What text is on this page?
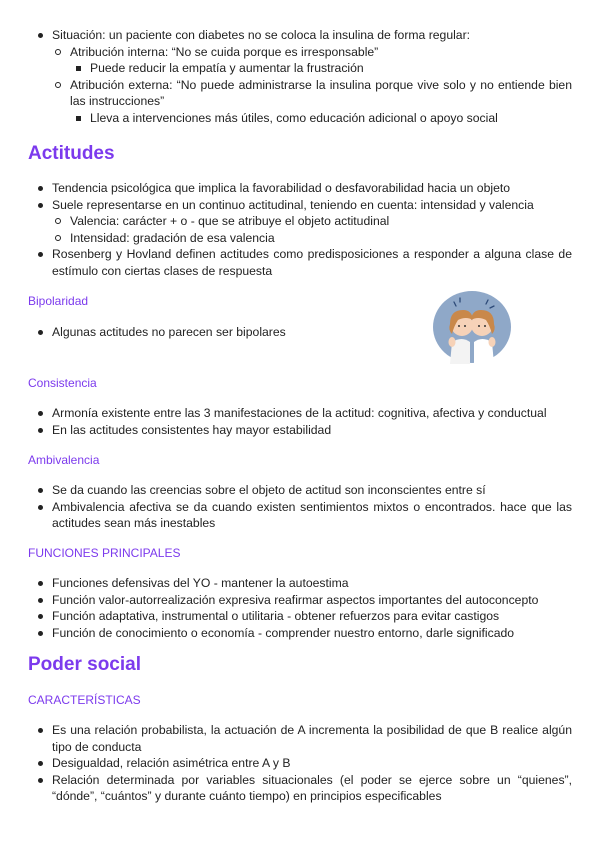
Situación: un paciente con diabetes no se coloca la insulina de forma regular:
Atribución interna: “No se cuida porque es irresponsable”
Puede reducir la empatía y aumentar la frustración
Atribución externa: “No puede administrarse la insulina porque vive solo y no entiende bien las instrucciones”
Lleva a intervenciones más útiles, como educación adicional o apoyo social
Actitudes
Tendencia psicológica que implica la favorabilidad o desfavorabilidad hacia un objeto
Suele representarse en un continuo actitudinal, teniendo en cuenta: intensidad y valencia
Valencia: carácter + o - que se atribuye el objeto actitudinal
Intensidad: gradación de esa valencia
Rosenberg y Hovland definen actitudes como predisposiciones a responder a alguna clase de estímulo con ciertas clases de respuesta
Bipolaridad
Algunas actitudes no parecen ser bipolares
Consistencia
Armonía existente entre las 3 manifestaciones de la actitud: cognitiva, afectiva y conductual
En las actitudes consistentes hay mayor estabilidad
Ambivalencia
Se da cuando las creencias sobre el objeto de actitud son inconscientes entre sí
Ambivalencia afectiva se da cuando existen sentimientos mixtos o encontrados. hace que las actitudes sean más inestables
FUNCIONES PRINCIPALES
Funciones defensivas del YO - mantener la autoestima
Función valor-autorrealización expresiva reafirmar aspectos importantes del autoconcepto
Función adaptativa, instrumental o utilitaria - obtener refuerzos para evitar castigos
Función de conocimiento o economía - comprender nuestro entorno, darle significado
Poder social
CARACTERÍSTICAS
Es una relación probabilista, la actuación de A incrementa la posibilidad de que B realice algún tipo de conducta
Desigualdad, relación asimétrica entre A y B
Relación determinada por variables situacionales (el poder se ejerce sobre un “quienes”, “dónde”, “cuántos” y durante cuánto tiempo) en principios especificables
